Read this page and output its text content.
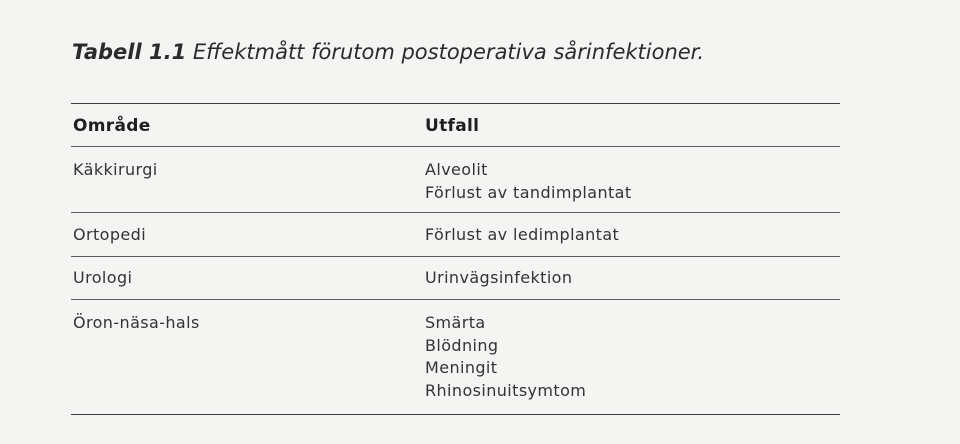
Tabell 1.1 Effektmått förutom postoperativa sårinfektioner.
Område	Utfall
Käkkirurgi	Alveolit
Förlust av tandimplantat
Ortopedi	Förlust av ledimplantat
Urologi	Urinvägsinfektion
Öron-näsa-hals	Smärta
Blödning
Meningit
Rhinosinuitsymtom
